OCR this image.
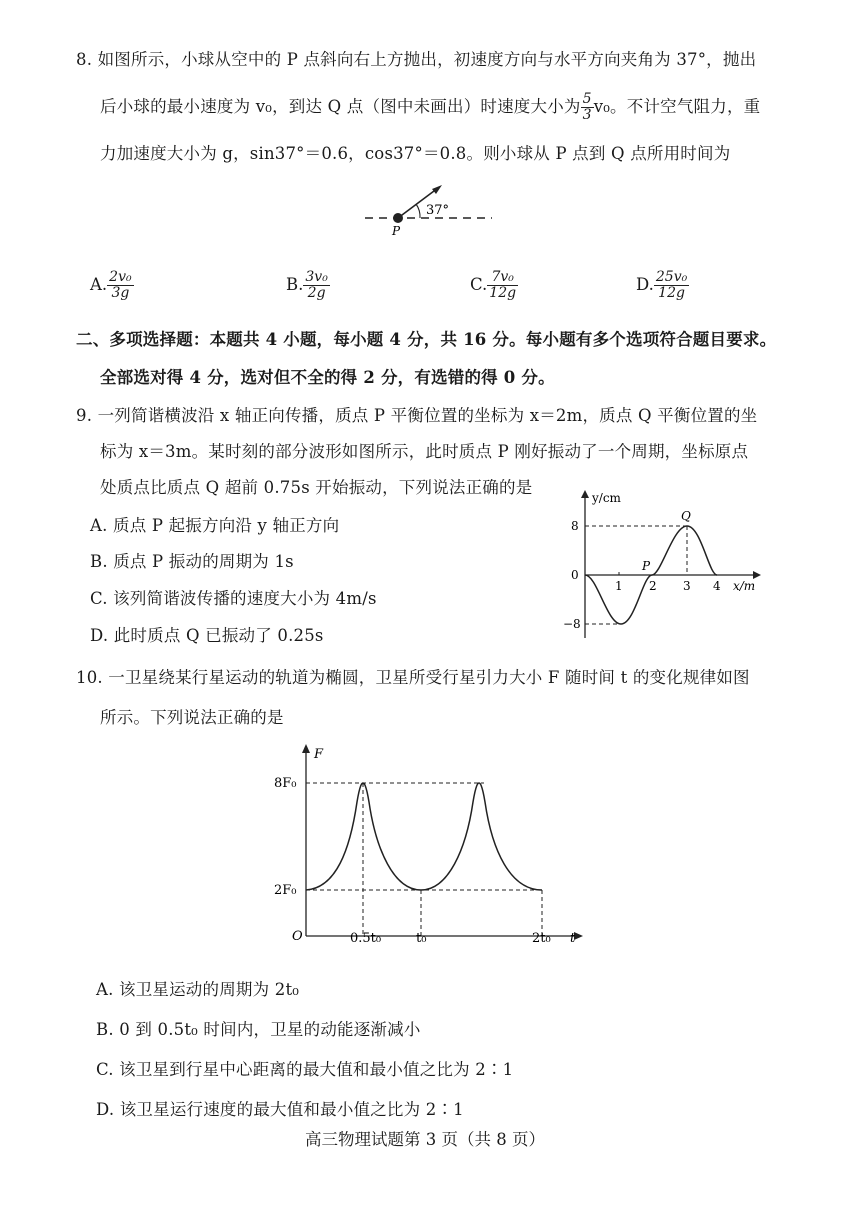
8. 如图所示，小球从空中的 P 点斜向右上方抛出，初速度方向与水平方向夹角为 37°，抛出
后小球的最小速度为 v₀，到达 Q 点（图中未画出）时速度大小为 $\frac{5}{3} v_0$。不计空气阻力，重
力加速度大小为 g，sin37°＝0.6，cos37°＝0.8。则小球从 P 点到 Q 点所用时间为
37°
P
A. $\frac{\text{2v₀}}{3g}$	B. $\frac{\text{3v₀}}{2g}$	C. $\frac{\text{7v₀}}{12g}$	D. $\frac{\text{25v₀}}{12g}$
二、多项选择题：本题共 4 小题，每小题 4 分，共 16 分。每小题有多个选项符合题目要求。
全部选对得 4 分，选对但不全的得 2 分，有选错的得 0 分。
9. 一列简谐横波沿 x 轴正向传播，质点 P 平衡位置的坐标为 x＝2m，质点 Q 平衡位置的坐
标为 x＝3m。某时刻的部分波形如图所示，此时质点 P 刚好振动了一个周期，坐标原点
处质点比质点 Q 超前 0.75s 开始振动，下列说法正确的是
A. 质点 P 起振方向沿 y 轴正方向
B. 质点 P 振动的周期为 1s
C. 该列简谐波传播的速度大小为 4m/s
D. 此时质点 Q 已振动了 0.25s
y/cm
8
0
−8
1 2 3 4 x/m
P
Q
10. 一卫星绕某行星运动的轨道为椭圆，卫星所受行星引力大小 F 随时间 t 的变化规律如图
所示。下列说法正确的是
F
8F₀
2F₀
O	0.5t₀	t₀	2t₀ t
A. 该卫星运动的周期为 2t₀
B. 0 到 0.5t₀ 时间内，卫星的动能逐渐减小
C. 该卫星到行星中心距离的最大值和最小值之比为 2∶1
D. 该卫星运行速度的最大值和最小值之比为 2∶1
高三物理试题第 3 页（共 8 页）
